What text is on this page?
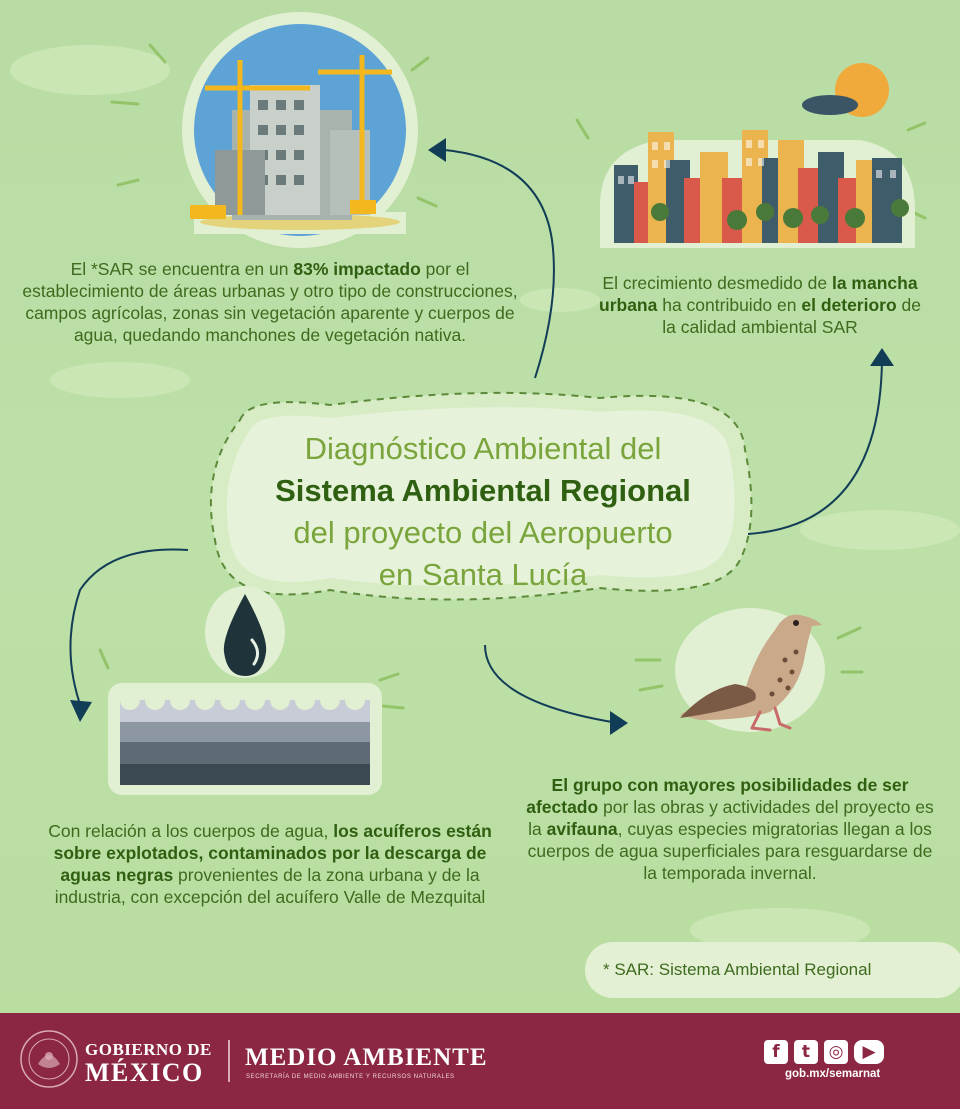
Diagnóstico Ambiental del
Sistema Ambiental Regional
del proyecto del Aeropuerto
en Santa Lucía
El *SAR se encuentra en un 83% impactado por el establecimiento de áreas urbanas y otro tipo de construcciones, campos agrícolas, zonas sin vegetación aparente y cuerpos de agua, quedando manchones de vegetación nativa.
El crecimiento desmedido de la mancha urbana ha contribuido en el deterioro de la calidad ambiental SAR
Con relación a los cuerpos de agua, los acuíferos están sobre explotados, contaminados por la descarga de aguas negras provenientes de la zona urbana y de la industria, con excepción del acuífero Valle de Mezquital
El grupo con mayores posibilidades de ser afectado por las obras y actividades del proyecto es la avifauna, cuyas especies migratorias llegan a los cuerpos de agua superficiales para resguardarse de la temporada invernal.
* SAR: Sistema Ambiental Regional
GOBIERNO DE
MÉXICO
MEDIO AMBIENTE
SECRETARÍA DE MEDIO AMBIENTE Y RECURSOS NATURALES
f t ◎ ▶
gob.mx/semarnat
